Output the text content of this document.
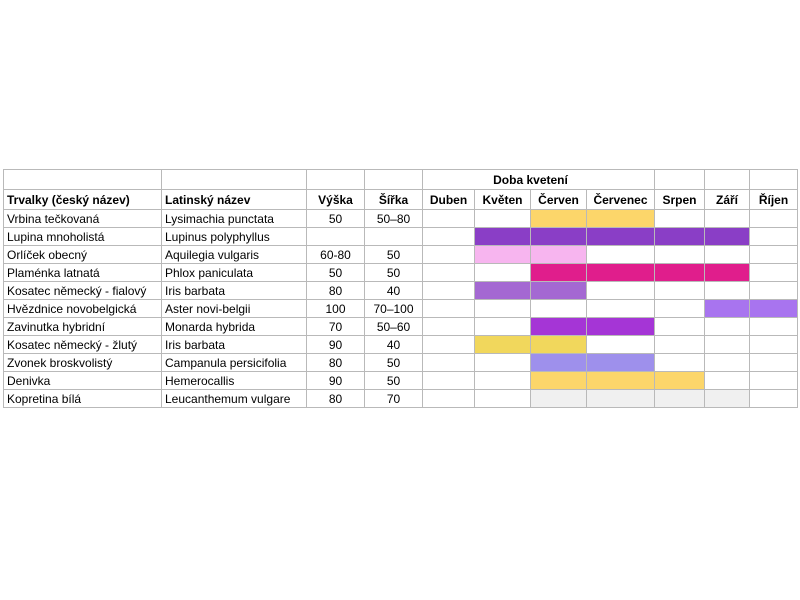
					Doba kvetení					
Trvalky (český název)	Latinský název	Výška	Šířka	Duben	Květen	Červen	Červenec	Srpen	Září	Říjen
Vrbina tečkovaná	Lysimachia punctata	50	50–80							
Lupina mnoholistá	Lupinus polyphyllus									
Orlíček obecný	Aquilegia vulgaris	60-80	50							
Plaménka latnatá	Phlox paniculata	50	50							
Kosatec německý - fialový	Iris barbata	80	40							
Hvězdnice novobelgická	Aster novi-belgii	100	70–100							
Zavinutka hybridní	Monarda hybrida	70	50–60							
Kosatec německý - žlutý	Iris barbata	90	40							
Zvonek broskvolistý	Campanula persicifolia	80	50							
Denivka	Hemerocallis	90	50							
Kopretina bílá	Leucanthemum vulgare	80	70							
